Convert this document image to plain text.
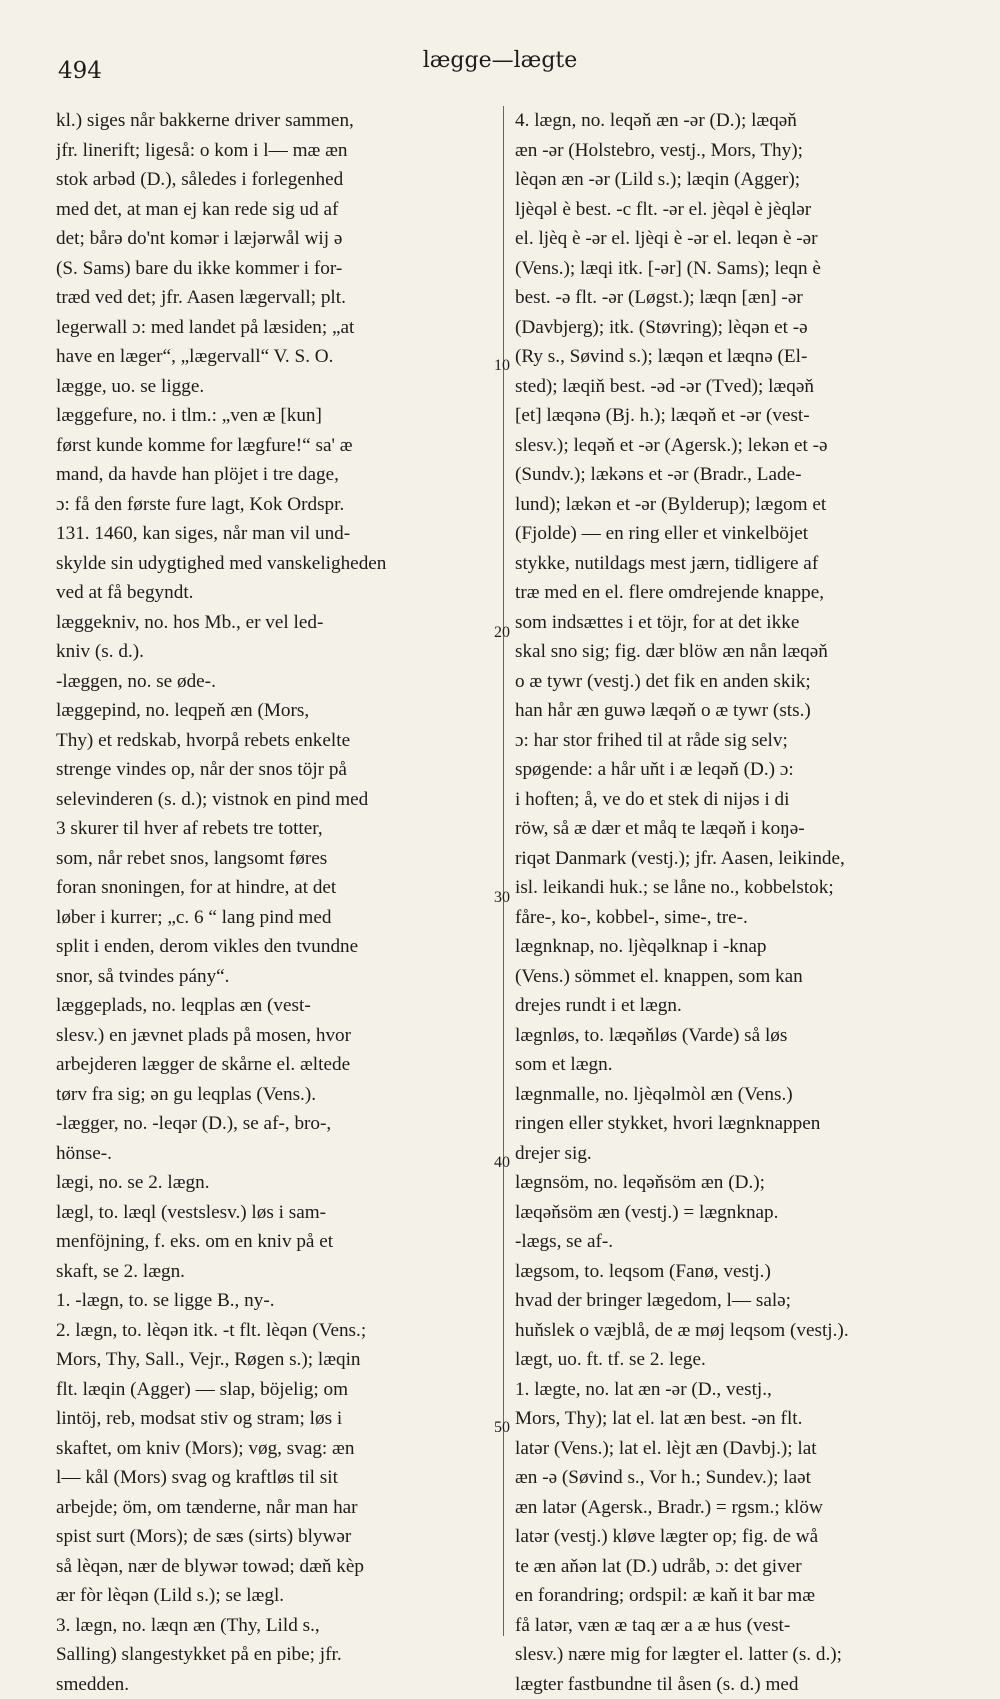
494	lægge—lægte
kl.) siges når bakkerne driver sammen,
jfr. linerift; ligeså: o kom i l— mæ æn
stok arbəd (D.), således i forlegenhed
med det, at man ej kan rede sig ud af
det; bårə do'nt komər i læjərwål wij ə
(S. Sams) bare du ikke kommer i for-
træd ved det; jfr. Aasen lægervall; plt.
legerwall ɔ: med landet på læsiden; „at
have en læger“, „lægervall“ V. S. O.
lægge, uo. se ligge.
læggefure, no. i tlm.: „ven æ [kun]
først kunde komme for lægfure!“ sa' æ
mand, da havde han plöjet i tre dage,
ɔ: få den første fure lagt, Kok Ordspr.
131. 1460, kan siges, når man vil und-
skylde sin udygtighed med vanskeligheden
ved at få begyndt.
læggekniv, no. hos Mb., er vel led-
kniv (s. d.).
-læggen, no. se øde-.
læggepind, no. leqpeň æn (Mors,
Thy) et redskab, hvorpå rebets enkelte
strenge vindes op, når der snos töjr på
selevinderen (s. d.); vistnok en pind med
3 skurer til hver af rebets tre totter,
som, når rebet snos, langsomt føres
foran snoningen, for at hindre, at det
løber i kurrer; „c. 6 “ lang pind med
split i enden, derom vikles den tvundne
snor, så tvindes pány“.
læggeplads, no. leqplas æn (vest-
slesv.) en jævnet plads på mosen, hvor
arbejderen lægger de skårne el. æltede
tørv fra sig; ən gu leqplas (Vens.).
-lægger, no. -leqər (D.), se af-, bro-,
hönse-.
lægi, no. se 2. lægn.
lægl, to. læql (vestslesv.) løs i sam-
menföjning, f. eks. om en kniv på et
skaft, se 2. lægn.
1. -lægn, to. se ligge B., ny-.
2. lægn, to. lèqən itk. -t flt. lèqən (Vens.;
Mors, Thy, Sall., Vejr., Røgen s.); læqin
flt. læqin (Agger) — slap, böjelig; om
lintöj, reb, modsat stiv og stram; løs i
skaftet, om kniv (Mors); vøg, svag: æn
l— kål (Mors) svag og kraftløs til sit
arbejde; öm, om tænderne, når man har
spist surt (Mors); de sæs (sirts) blywər
så lèqən, nær de blywər towəd; dæň kèp
ær fòr lèqən (Lild s.); se lægl.
3. lægn, no. læqn æn (Thy, Lild s.,
Salling) slangestykket på en pibe; jfr.
smedden.
4. lægn, no. leqəň æn -ər (D.); læqəň
æn -ər (Holstebro, vestj., Mors, Thy);
lèqən æn -ər (Lild s.); læqin (Agger);
ljèqəl è best. -c flt. -ər el. jèqəl è jèqlər
el. ljèq è -ər el. ljèqi è -ər el. leqən è -ər
(Vens.); læqi itk. [-ər] (N. Sams); leqn è
best. -ə flt. -ər (Løgst.); læqn [æn] -ər
(Davbjerg); itk. (Støvring); lèqən et -ə
(Ry s., Søvind s.); læqən et læqnə (El-
sted); læqiň best. -əd -ər (Tved); læqəň
[et] læqənə (Bj. h.); læqəň et -ər (vest-
slesv.); leqəň et -ər (Agersk.); lekən et -ə
(Sundv.); lækəns et -ər (Bradr., Lade-
lund); lækən et -ər (Bylderup); lægom et
(Fjolde) — en ring eller et vinkelböjet
stykke, nutildags mest jærn, tidligere af
træ med en el. flere omdrejende knappe,
som indsættes i et töjr, for at det ikke
skal sno sig; fig. dær blöw æn nån læqəň
o æ tywr (vestj.) det fik en anden skik;
han hår æn guwə læqəň o æ tywr (sts.)
ɔ: har stor frihed til at råde sig selv;
spøgende: a hår uňt i æ leqəň (D.) ɔ:
i hoften; å, ve do et stek di nijəs i di
röw, så æ dær et måq te læqəň i koŋə-
riqət Danmark (vestj.); jfr. Aasen, leikinde,
isl. leikandi huk.; se låne no., kobbelstok;
fåre-, ko-, kobbel-, sime-, tre-.
lægnknap, no. ljèqəlknap i -knap
(Vens.) sömmet el. knappen, som kan
drejes rundt i et lægn.
lægnløs, to. læqəňløs (Varde) så løs
som et lægn.
lægnmalle, no. ljèqəlmòl æn (Vens.)
ringen eller stykket, hvori lægnknappen
drejer sig.
lægnsöm, no. leqəňsöm æn (D.);
læqəňsöm æn (vestj.) = lægnknap.
-lægs, se af-.
lægsom, to. leqsom (Fanø, vestj.)
hvad der bringer lægedom, l— salə;
huňslek o væjblå, de æ møj leqsom (vestj.).
lægt, uo. ft. tf. se 2. lege.
1. lægte, no. lat æn -ər (D., vestj.,
Mors, Thy); lat el. lat æn best. -ən flt.
latər (Vens.); lat el. lèjt æn (Davbj.); lat
æn -ə (Søvind s., Vor h.; Sundev.); laət
æn latər (Agersk., Bradr.) = rgsm.; klöw
latər (vestj.) kløve lægter op; fig. de wå
te æn aňən lat (D.) udråb, ɔ: det giver
en forandring; ordspil: æ kaň it bar mæ
få latər, væn æ taq ær a æ hus (vest-
slesv.) nære mig for lægter el. latter (s. d.);
lægter fastbundne til åsen (s. d.) med
10
20
30
40
50
